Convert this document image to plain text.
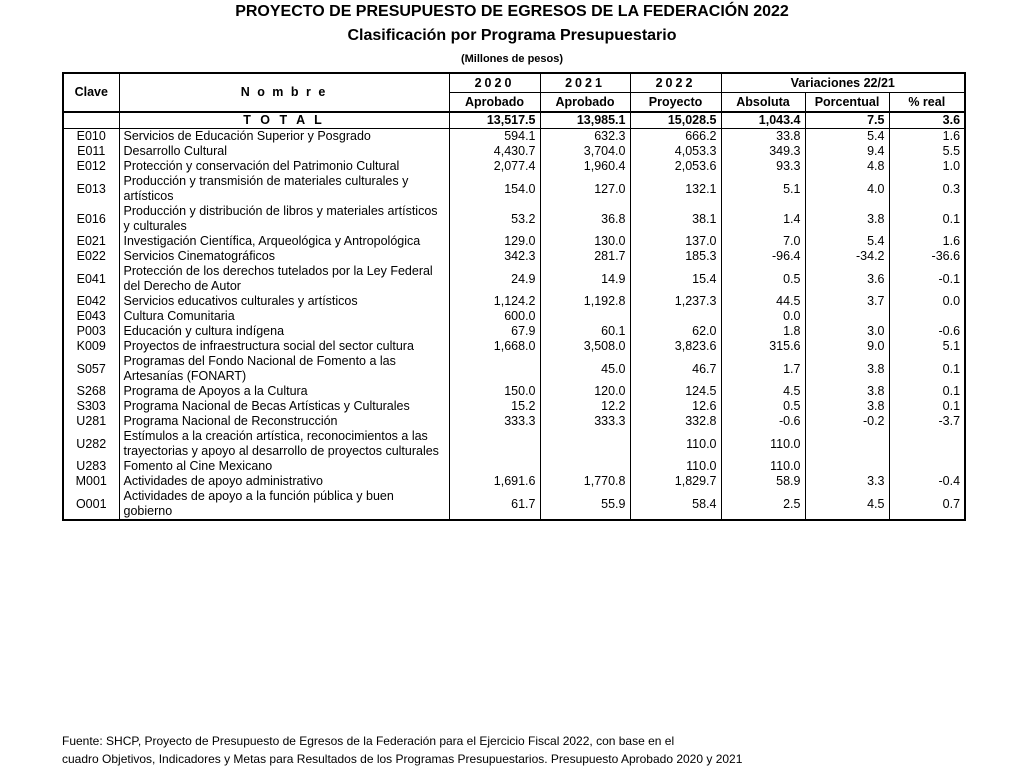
PROYECTO DE PRESUPUESTO DE EGRESOS DE LA FEDERACIÓN 2022
Clasificación por Programa Presupuestario
(Millones de pesos)
Clave	N o m b r e	2020	2021	2022	Variaciones 22/21		
		Aprobado	Aprobado	Proyecto	Absoluta	Porcentual	% real
	T O T A L	13,517.5	13,985.1	15,028.5	1,043.4	7.5	3.6
E010	Servicios de Educación Superior y Posgrado	594.1	632.3	666.2	33.8	5.4	1.6
E011	Desarrollo Cultural	4,430.7	3,704.0	4,053.3	349.3	9.4	5.5
E012	Protección y conservación del Patrimonio Cultural	2,077.4	1,960.4	2,053.6	93.3	4.8	1.0
E013	Producción y transmisión de materiales culturales y artísticos	154.0	127.0	132.1	5.1	4.0	0.3
E016	Producción y distribución de libros y materiales artísticos y culturales	53.2	36.8	38.1	1.4	3.8	0.1
E021	Investigación Científica, Arqueológica y Antropológica	129.0	130.0	137.0	7.0	5.4	1.6
E022	Servicios Cinematográficos	342.3	281.7	185.3	-96.4	-34.2	-36.6
E041	Protección de los derechos tutelados por la Ley Federal del Derecho de Autor	24.9	14.9	15.4	0.5	3.6	-0.1
E042	Servicios educativos culturales y artísticos	1,124.2	1,192.8	1,237.3	44.5	3.7	0.0
E043	Cultura Comunitaria	600.0			0.0		
P003	Educación y cultura indígena	67.9	60.1	62.0	1.8	3.0	-0.6
K009	Proyectos de infraestructura social del sector cultura	1,668.0	3,508.0	3,823.6	315.6	9.0	5.1
S057	Programas del Fondo Nacional de Fomento a las Artesanías (FONART)		45.0	46.7	1.7	3.8	0.1
S268	Programa de Apoyos a la Cultura	150.0	120.0	124.5	4.5	3.8	0.1
S303	Programa Nacional de Becas Artísticas y Culturales	15.2	12.2	12.6	0.5	3.8	0.1
U281	Programa Nacional de Reconstrucción	333.3	333.3	332.8	-0.6	-0.2	-3.7
U282	Estímulos a la creación artística, reconocimientos a las trayectorias y apoyo al desarrollo de proyectos culturales			110.0	110.0		
U283	Fomento al Cine Mexicano			110.0	110.0		
M001	Actividades de apoyo administrativo	1,691.6	1,770.8	1,829.7	58.9	3.3	-0.4
O001	Actividades de apoyo a la función pública y buen gobierno	61.7	55.9	58.4	2.5	4.5	0.7
Fuente: SHCP, Proyecto de Presupuesto de Egresos de la Federación para el Ejercicio Fiscal 2022, con base en el
cuadro Objetivos, Indicadores y Metas para Resultados de los Programas Presupuestarios. Presupuesto Aprobado 2020 y 2021
